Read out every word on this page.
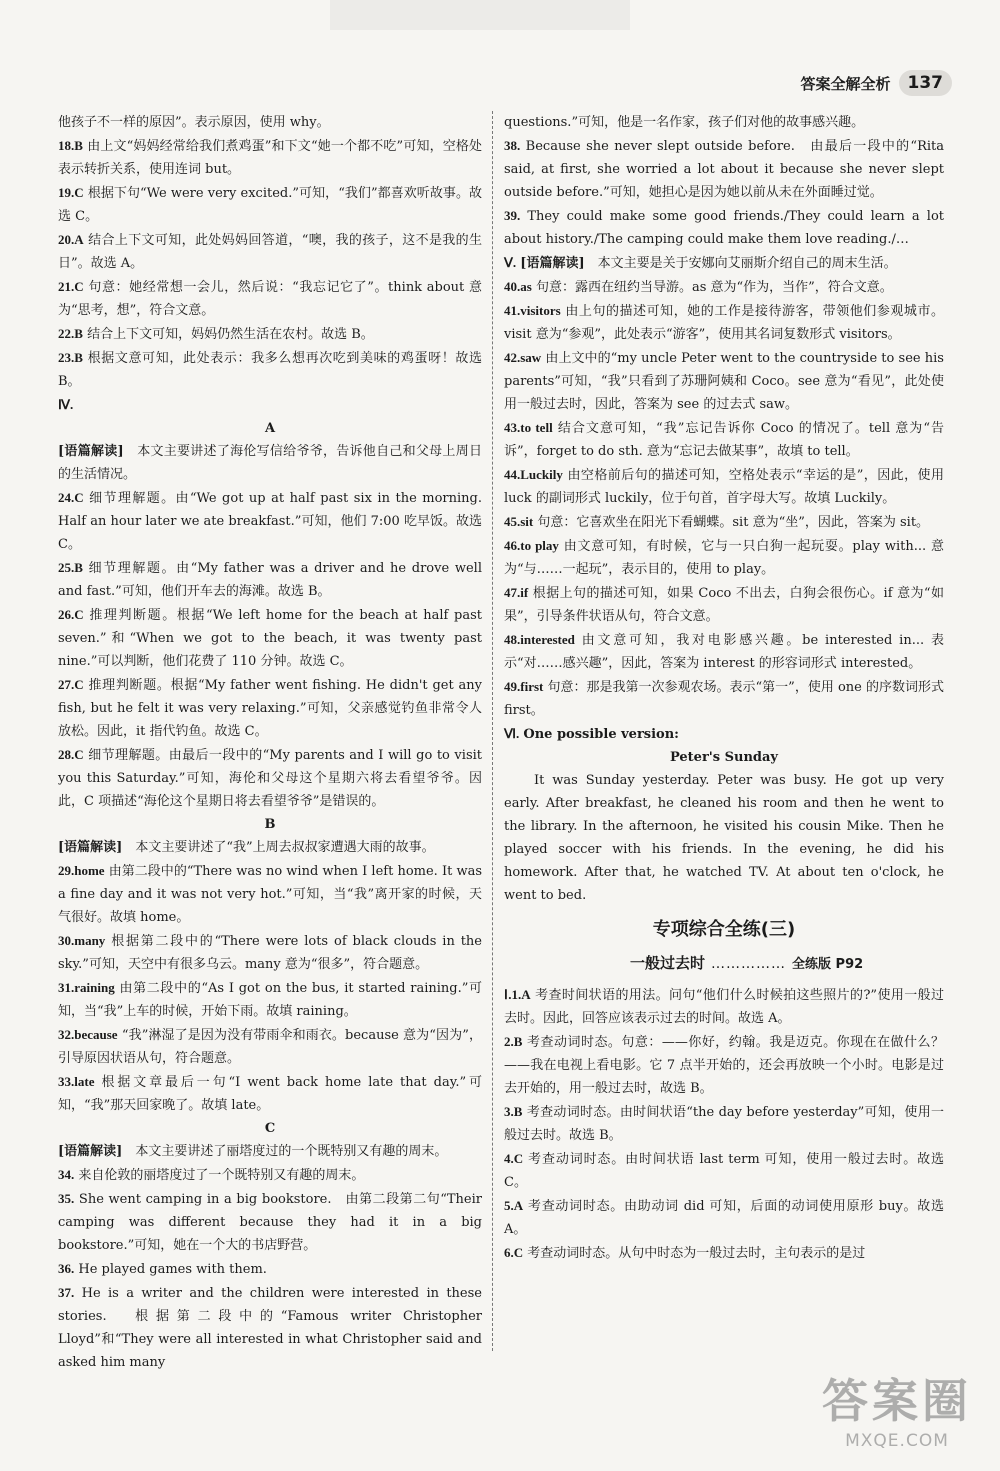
答案全解全析	137
他孩子不一样的原因”。表示原因，使用 why。
18.B 由上文“妈妈经常给我们煮鸡蛋”和下文“她一个都不吃”可知，空格处表示转折关系，使用连词 but。
19.C 根据下句“We were very excited.”可知，“我们”都喜欢听故事。故选 C。
20.A 结合上下文可知，此处妈妈回答道，“噢，我的孩子，这不是我的生日”。故选 A。
21.C 句意：她经常想一会儿，然后说：“我忘记它了”。think about 意为“思考，想”，符合文意。
22.B 结合上下文可知，妈妈仍然生活在农村。故选 B。
23.B 根据文意可知，此处表示：我多么想再次吃到美味的鸡蛋呀！故选 B。
Ⅳ.
A
[语篇解读]　 本文主要讲述了海伦写信给爷爷，告诉他自己和父母上周日的生活情况。
24.C 细节理解题。由“We got up at half past six in the morning. Half an hour later we ate breakfast.”可知，他们 7:00 吃早饭。故选 C。
25.B 细节理解题。由“My father was a driver and he drove well and fast.”可知，他们开车去的海滩。故选 B。
26.C 推理判断题。根据“We left home for the beach at half past seven.”和“When we got to the beach, it was twenty past nine.”可以判断，他们花费了 110 分钟。故选 C。
27.C 推理判断题。根据“My father went fishing. He didn't get any fish, but he felt it was very relaxing.”可知，父亲感觉钓鱼非常令人放松。因此，it 指代钓鱼。故选 C。
28.C 细节理解题。由最后一段中的“My parents and I will go to visit you this Saturday.”可知，海伦和父母这个星期六将去看望爷爷。因此，C 项描述“海伦这个星期日将去看望爷爷”是错误的。
B
[语篇解读]　 本文主要讲述了“我”上周去叔叔家遭遇大雨的故事。
29.home 由第二段中的“There was no wind when I left home. It was a fine day and it was not very hot.”可知，当“我”离开家的时候，天气很好。故填 home。
30.many 根据第二段中的“There were lots of black clouds in the sky.”可知，天空中有很多乌云。many 意为“很多”，符合题意。
31.raining 由第二段中的“As I got on the bus, it started raining.”可知，当“我”上车的时候，开始下雨。故填 raining。
32.because “我”淋湿了是因为没有带雨伞和雨衣。because 意为“因为”，引导原因状语从句，符合题意。
33.late 根据文章最后一句“I went back home late that day.”可知，“我”那天回家晚了。故填 late。
C
[语篇解读]　 本文主要讲述了丽塔度过的一个既特别又有趣的周末。
34. 来自伦敦的丽塔度过了一个既特别又有趣的周末。
35. She went camping in a big bookstore.　由第二段第二句“Their camping was different because they had it in a big bookstore.”可知，她在一个大的书店野营。
36. He played games with them.
37. He is a writer and the children were interested in these stories.　根据第二段中的“Famous writer Christopher Lloyd”和“They were all interested in what Christopher said and asked him many
questions.”可知，他是一名作家，孩子们对他的故事感兴趣。
38. Because she never slept outside before.　由最后一段中的“Rita said, at first, she worried a lot about it because she never slept outside before.”可知，她担心是因为她以前从未在外面睡过觉。
39. They could make some good friends./They could learn a lot about history./The camping could make them love reading./…
Ⅴ. [语篇解读]　 本文主要是关于安娜向艾丽斯介绍自己的周末生活。
40.as 句意：露西在纽约当导游。as 意为“作为，当作”，符合文意。
41.visitors 由上句的描述可知，她的工作是接待游客，带领他们参观城市。visit 意为“参观”，此处表示“游客”，使用其名词复数形式 visitors。
42.saw 由上文中的“my uncle Peter went to the countryside to see his parents”可知，“我”只看到了苏珊阿姨和 Coco。see 意为“看见”，此处使用一般过去时，因此，答案为 see 的过去式 saw。
43.to tell 结合文意可知，“我”忘记告诉你 Coco 的情况了。tell 意为“告诉”，forget to do sth. 意为“忘记去做某事”，故填 to tell。
44.Luckily 由空格前后句的描述可知，空格处表示“幸运的是”，因此，使用 luck 的副词形式 luckily，位于句首，首字母大写。故填 Luckily。
45.sit 句意：它喜欢坐在阳光下看蝴蝶。sit 意为“坐”，因此，答案为 sit。
46.to play 由文意可知，有时候，它与一只白狗一起玩耍。play with... 意为“与……一起玩”，表示目的，使用 to play。
47.if 根据上句的描述可知，如果 Coco 不出去，白狗会很伤心。if 意为“如果”，引导条件状语从句，符合文意。
48.interested 由文意可知，我对电影感兴趣。be interested in... 表示“对……感兴趣”，因此，答案为 interest 的形容词形式 interested。
49.first 句意：那是我第一次参观农场。表示“第一”，使用 one 的序数词形式 first。
Ⅵ. One possible version:　
Peter's Sunday

It was Sunday yesterday. Peter was busy. He got up very early. After breakfast, he cleaned his room and then he went to the library. In the afternoon, he visited his cousin Mike. Then he played soccer with his friends. In the evening, he did his homework. After that, he watched TV. At about ten o'clock, he went to bed.

专项综合全练(三)
一般过去时 …………… 全练版 P92
Ⅰ.1.A 考查时间状语的用法。问句“他们什么时候拍这些照片的?”使用一般过去时。因此，回答应该表示过去的时间。故选 A。
2.B 考查动词时态。句意：——你好，约翰。我是迈克。你现在在做什么？——我在电视上看电影。它 7 点半开始的，还会再放映一个小时。电影是过去开始的，用一般过去时，故选 B。
3.B 考查动词时态。由时间状语“the day before yesterday”可知，使用一般过去时。故选 B。
4.C 考查动词时态。由时间状语 last term 可知，使用一般过去时。故选 C。
5.A 考查动词时态。由助动词 did 可知，后面的动词使用原形 buy。故选 A。
6.C 考查动词时态。从句中时态为一般过去时，主句表示的是过
答案圈
MXQE.COM
